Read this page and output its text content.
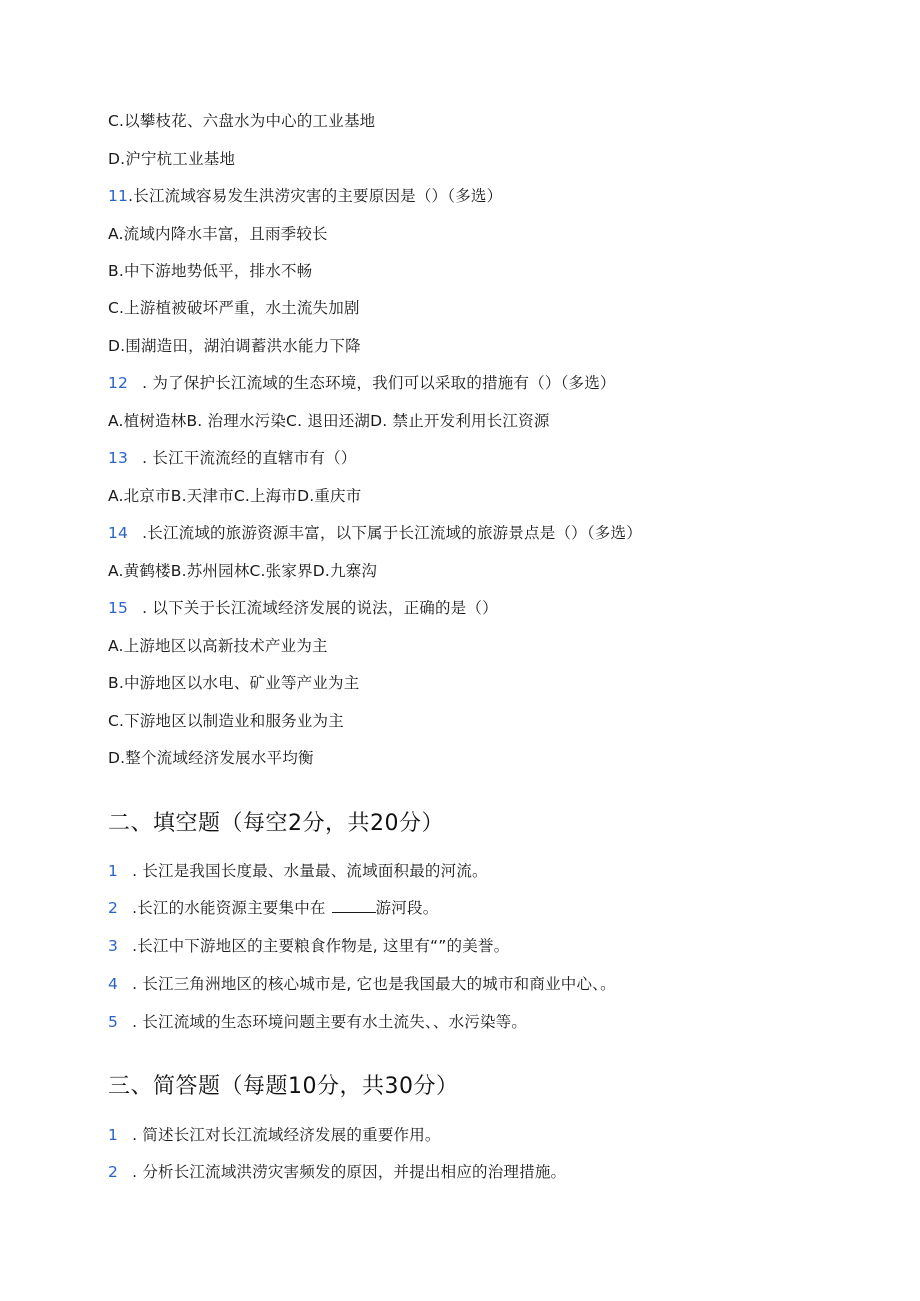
C.以攀枝花、六盘水为中心的工业基地
D.沪宁杭工业基地
11.长江流域容易发生洪涝灾害的主要原因是（）（多选）
A.流域内降水丰富，且雨季较长
B.中下游地势低平，排水不畅
C.上游植被破坏严重，水土流失加剧
D.围湖造田，湖泊调蓄洪水能力下降
12 . 为了保护长江流域的生态环境，我们可以采取的措施有（）（多选）
A.植树造林B. 治理水污染C. 退田还湖D. 禁止开发利用长江资源
13 . 长江干流流经的直辖市有（）
A.北京市B.天津市C.上海市D.重庆市
14 .长江流域的旅游资源丰富，以下属于长江流域的旅游景点是（）（多选）
A.黄鹤楼B.苏州园林C.张家界D.九寨沟
15 . 以下关于长江流域经济发展的说法，正确的是（）
A.上游地区以高新技术产业为主
B.中游地区以水电、矿业等产业为主
C.下游地区以制造业和服务业为主
D.整个流域经济发展水平均衡
二、填空题（每空2分，共20分）
1 . 长江是我国长度最、水量最、流域面积最的河流。
2 .长江的水能资源主要集中在	游河段。
3 .长江中下游地区的主要粮食作物是, 这里有“”的美誉。
4 . 长江三角洲地区的核心城市是, 它也是我国最大的城市和商业中心、。
5 . 长江流域的生态环境问题主要有水土流失、、水污染等。
三、简答题（每题10分，共30分）
1 . 简述长江对长江流域经济发展的重要作用。
2 . 分析长江流域洪涝灾害频发的原因，并提出相应的治理措施。
